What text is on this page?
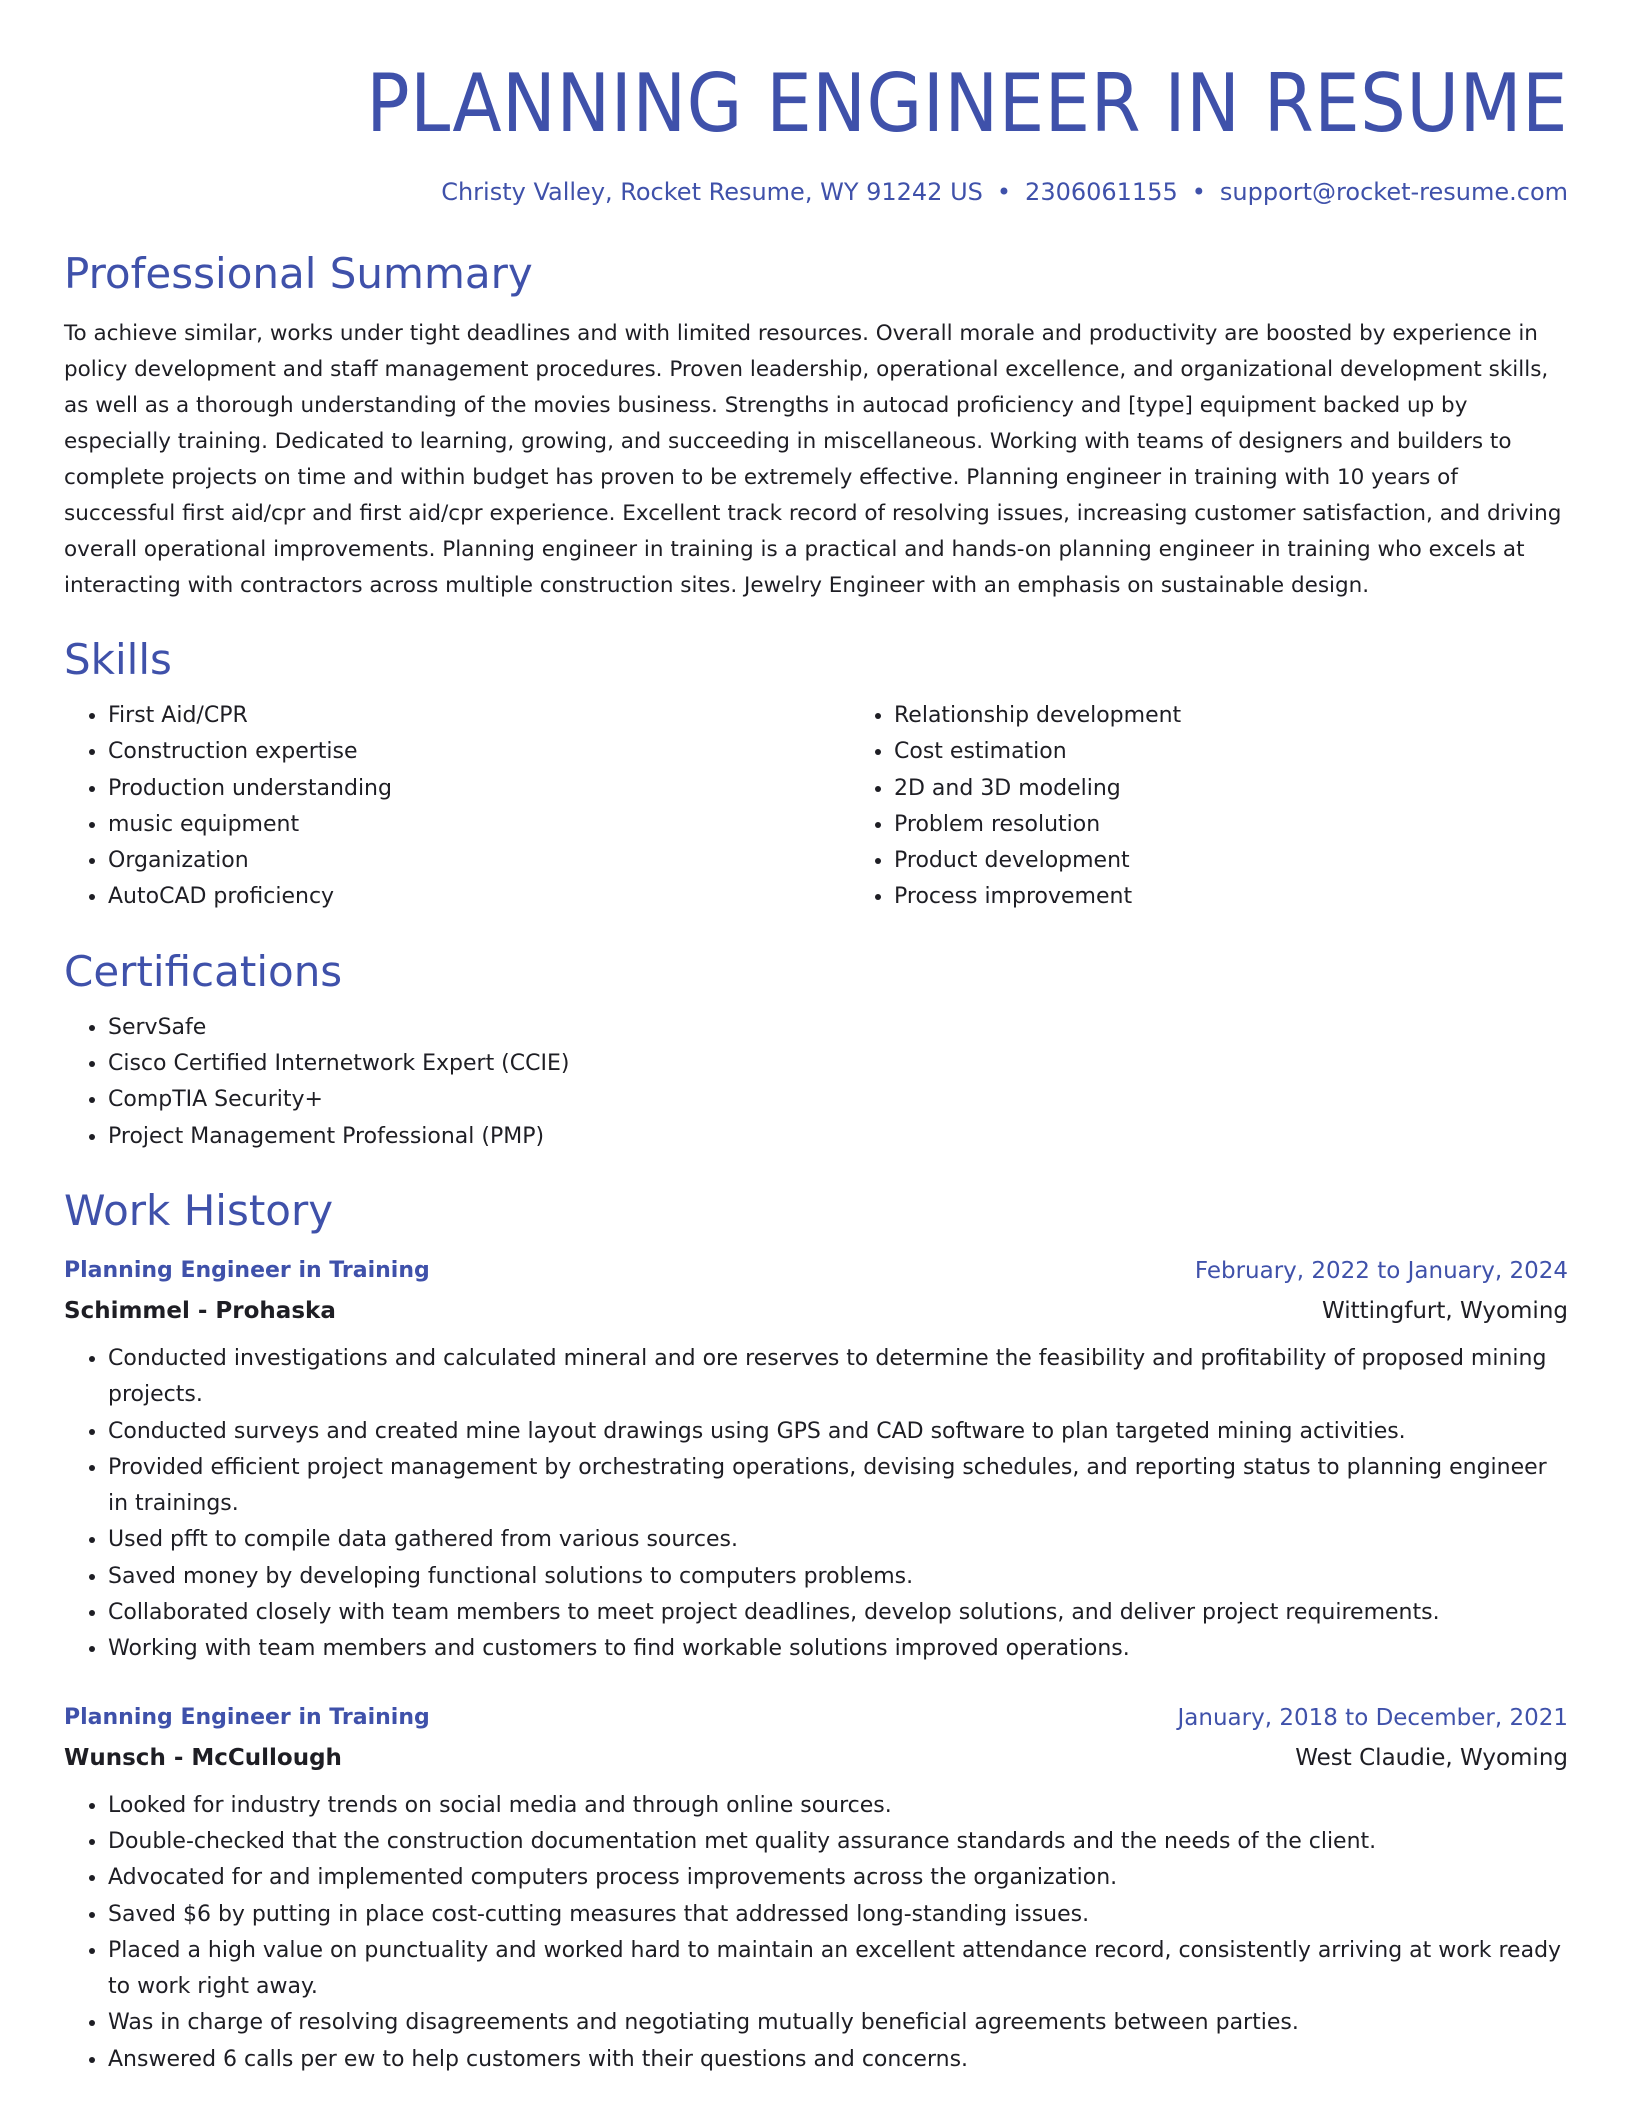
PLANNING ENGINEER IN RESUME
Christy Valley, Rocket Resume, WY 91242 US • 2306061155 • support@rocket-resume.com
Professional Summary

To achieve similar, works under tight deadlines and with limited resources. Overall morale and productivity are boosted by experience in policy development and staff management procedures. Proven leadership, operational excellence, and organizational development skills, as well as a thorough understanding of the movies business. Strengths in autocad proficiency and [type] equipment backed up by especially training. Dedicated to learning, growing, and succeeding in miscellaneous. Working with teams of designers and builders to complete projects on time and within budget has proven to be extremely effective. Planning engineer in training with 10 years of successful first aid/cpr and first aid/cpr experience. Excellent track record of resolving issues, increasing customer satisfaction, and driving overall operational improvements. Planning engineer in training is a practical and hands-on planning engineer in training who excels at interacting with contractors across multiple construction sites. Jewelry Engineer with an emphasis on sustainable design.

Skills
• First Aid/CPR
• Construction expertise
• Production understanding
• music equipment
• Organization
• AutoCAD proficiency
• Relationship development
• Cost estimation
• 2D and 3D modeling
• Problem resolution
• Product development
• Process improvement
Certifications
• ServSafe
• Cisco Certified Internetwork Expert (CCIE)
• CompTIA Security+
• Project Management Professional (PMP)
Work History
Planning Engineer in Training	February, 2022 to January, 2024
Schimmel - Prohaska	Wittingfurt, Wyoming
• Conducted investigations and calculated mineral and ore reserves to determine the feasibility and profitability of proposed mining projects.
• Conducted surveys and created mine layout drawings using GPS and CAD software to plan targeted mining activities.
• Provided efficient project management by orchestrating operations, devising schedules, and reporting status to planning engineer in trainings.
• Used pfft to compile data gathered from various sources.
• Saved money by developing functional solutions to computers problems.
• Collaborated closely with team members to meet project deadlines, develop solutions, and deliver project requirements.
• Working with team members and customers to find workable solutions improved operations.
Planning Engineer in Training	January, 2018 to December, 2021
Wunsch - McCullough	West Claudie, Wyoming
• Looked for industry trends on social media and through online sources.
• Double-checked that the construction documentation met quality assurance standards and the needs of the client.
• Advocated for and implemented computers process improvements across the organization.
• Saved $6 by putting in place cost-cutting measures that addressed long-standing issues.
• Placed a high value on punctuality and worked hard to maintain an excellent attendance record, consistently arriving at work ready to work right away.
• Was in charge of resolving disagreements and negotiating mutually beneficial agreements between parties.
• Answered 6 calls per ew to help customers with their questions and concerns.
